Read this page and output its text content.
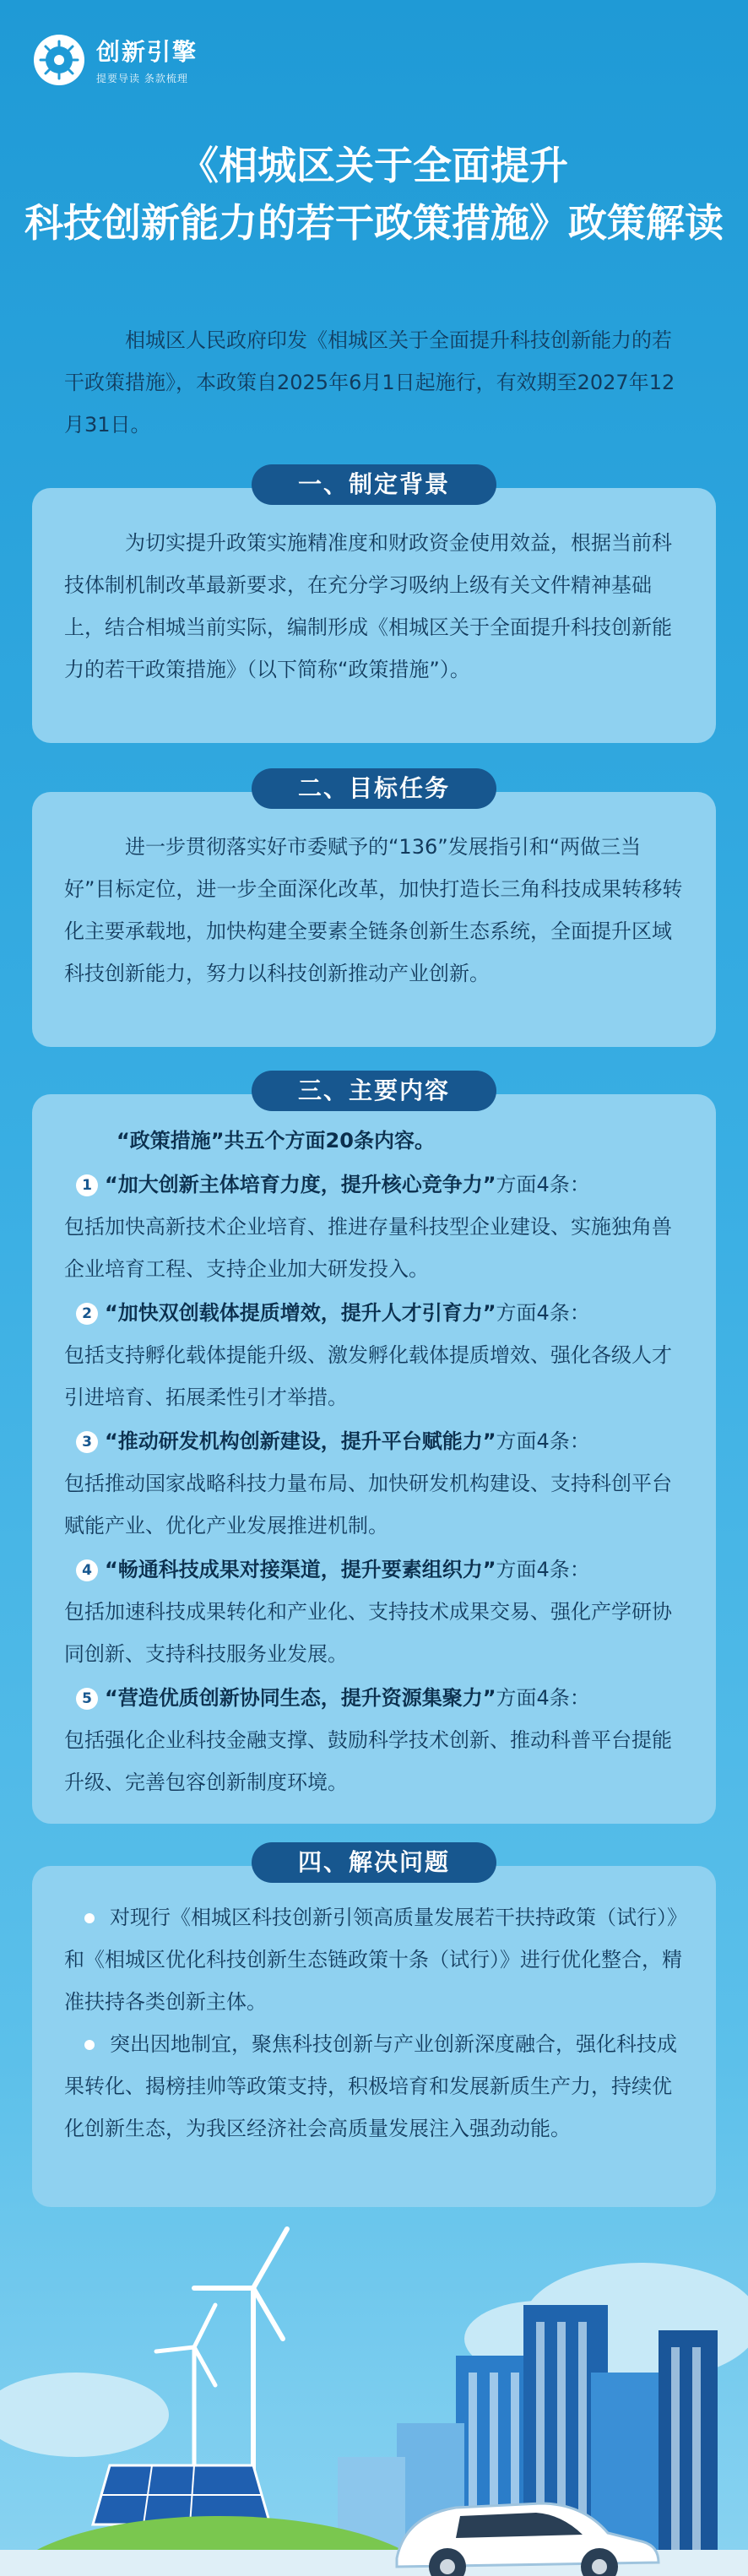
创新引擎
提要导读 条款梳理
《相城区关于全面提升
科技创新能力的若干政策措施》政策解读
相城区人民政府印发《相城区关于全面提升科技创新能力的若干政策措施》，本政策自2025年6月1日起施行，有效期至2027年12月31日。
为切实提升政策实施精准度和财政资金使用效益，根据当前科技体制机制改革最新要求，在充分学习吸纳上级有关文件精神基础上，结合相城当前实际，编制形成《相城区关于全面提升科技创新能力的若干政策措施》（以下简称“政策措施”）。
一、制定背景
进一步贯彻落实好市委赋予的“136”发展指引和“两做三当好”目标定位，进一步全面深化改革，加快打造长三角科技成果转移转化主要承载地，加快构建全要素全链条创新生态系统，全面提升区域科技创新能力，努力以科技创新推动产业创新。
二、目标任务
“政策措施”共五个方面20条内容。
1 “加大创新主体培育力度，提升核心竞争力”方面4条：
包括加快高新技术企业培育、推进存量科技型企业建设、实施独角兽企业培育工程、支持企业加大研发投入。
2 “加快双创载体提质增效，提升人才引育力”方面4条：
包括支持孵化载体提能升级、激发孵化载体提质增效、强化各级人才引进培育、拓展柔性引才举措。
3 “推动研发机构创新建设，提升平台赋能力”方面4条：
包括推动国家战略科技力量布局、加快研发机构建设、支持科创平台赋能产业、优化产业发展推进机制。
4 “畅通科技成果对接渠道，提升要素组织力”方面4条：
包括加速科技成果转化和产业化、支持技术成果交易、强化产学研协同创新、支持科技服务业发展。
5 “营造优质创新协同生态，提升资源集聚力”方面4条：
包括强化企业科技金融支撑、鼓励科学技术创新、推动科普平台提能升级、完善包容创新制度环境。
三、主要内容
对现行《相城区科技创新引领高质量发展若干扶持政策（试行）》和《相城区优化科技创新生态链政策十条（试行）》进行优化整合，精准扶持各类创新主体。
突出因地制宜，聚焦科技创新与产业创新深度融合，强化科技成果转化、揭榜挂帅等政策支持，积极培育和发展新质生产力，持续优化创新生态，为我区经济社会高质量发展注入强劲动能。
四、解决问题
